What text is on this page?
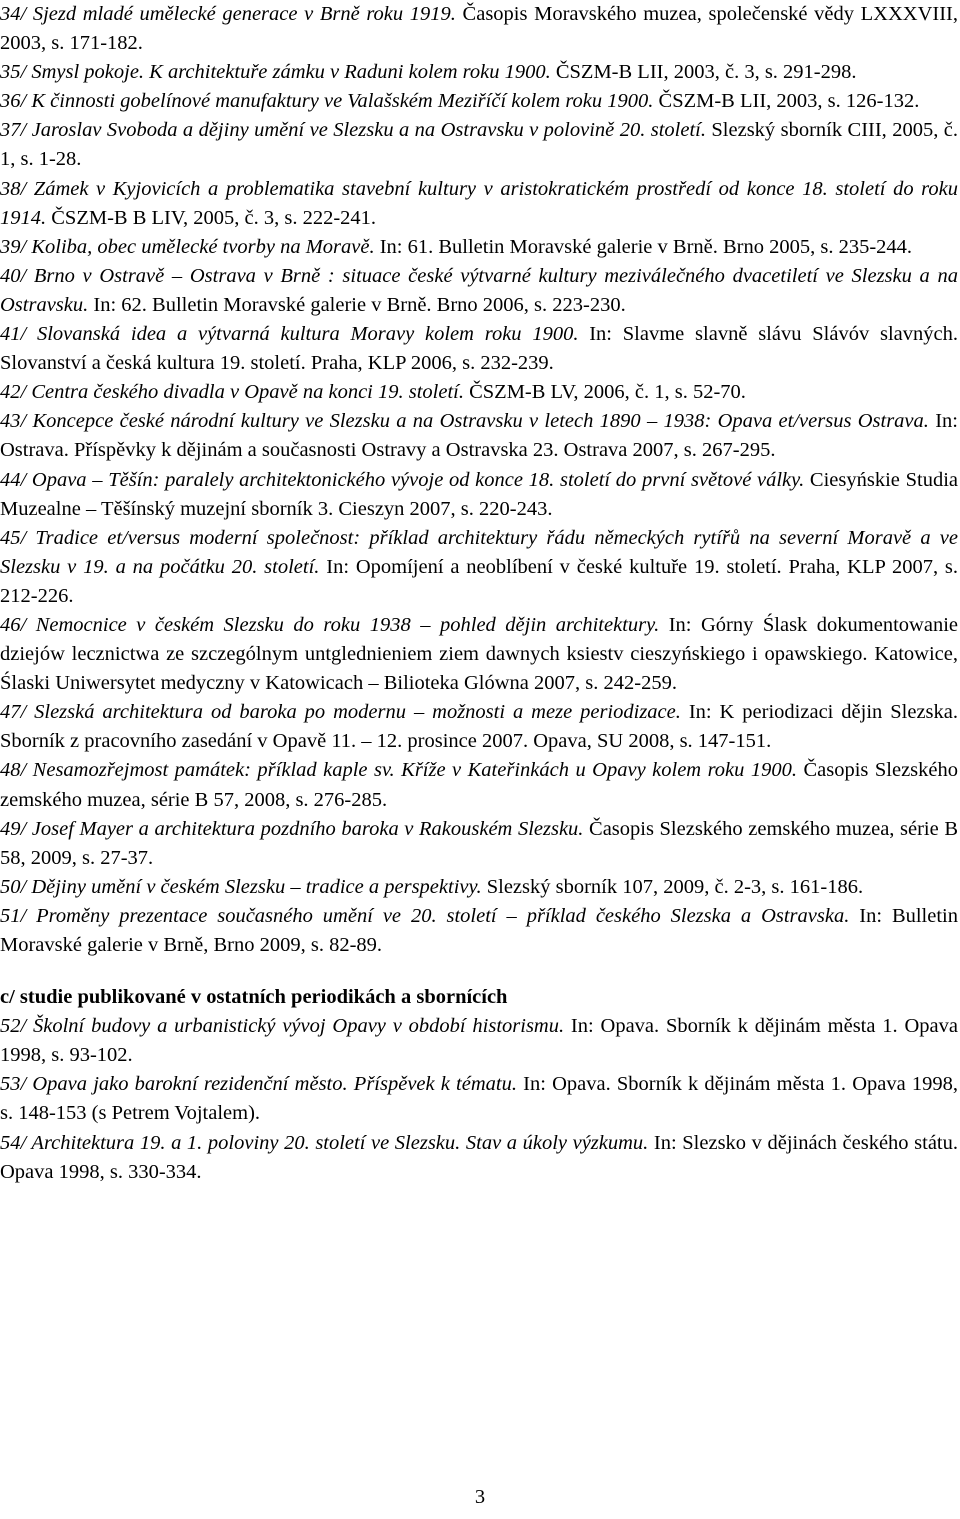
34/ Sjezd mladé umělecké generace v Brně roku 1919. Časopis Moravského muzea, společenské vědy LXXXVIII, 2003, s. 171-182.

35/ Smysl pokoje. K architektuře zámku v Raduni kolem roku 1900. ČSZM-B LII, 2003, č. 3, s. 291-298.

36/ K činnosti gobelínové manufaktury ve Valašském Meziříčí kolem roku 1900. ČSZM-B LII, 2003, s. 126-132.

37/ Jaroslav Svoboda a dějiny umění ve Slezsku a na Ostravsku v polovině 20. století. Slezský sborník CIII, 2005, č. 1, s. 1-28.

38/ Zámek v Kyjovicích a problematika stavební kultury v aristokratickém prostředí od konce 18. století do roku 1914. ČSZM-B B LIV, 2005, č. 3, s. 222-241.

39/ Koliba, obec umělecké tvorby na Moravě. In: 61. Bulletin Moravské galerie v Brně. Brno 2005, s. 235-244.

40/ Brno v Ostravě – Ostrava v Brně : situace české výtvarné kultury meziválečného dvacetiletí ve Slezsku a na Ostravsku. In: 62. Bulletin Moravské galerie v Brně. Brno 2006, s. 223-230.

41/ Slovanská idea a výtvarná kultura Moravy kolem roku 1900. In: Slavme slavně slávu Slávóv slavných. Slovanství a česká kultura 19. století. Praha, KLP 2006, s. 232-239.

42/ Centra českého divadla v Opavě na konci 19. století. ČSZM-B LV, 2006, č. 1, s. 52-70.

43/ Koncepce české národní kultury ve Slezsku a na Ostravsku v letech 1890 – 1938: Opava et/versus Ostrava. In: Ostrava. Příspěvky k dějinám a současnosti Ostravy a Ostravska 23. Ostrava 2007, s. 267-295.

44/ Opava – Těšín: paralely architektonického vývoje od konce 18. století do první světové války. Ciesyńskie Studia Muzealne – Těšínský muzejní sborník 3. Cieszyn 2007, s. 220-243.

45/ Tradice et/versus moderní společnost: příklad architektury řádu německých rytířů na severní Moravě a ve Slezsku v 19. a na počátku 20. století. In: Opomíjení a neoblíbení v české kultuře 19. století. Praha, KLP 2007, s. 212-226.

46/ Nemocnice v českém Slezsku do roku 1938 – pohled dějin architektury. In: Górny Ślask dokumentowanie dziejów lecznictwa ze szczególnym untglednieniem ziem dawnych ksiestv cieszyńskiego i opawskiego. Katowice, Ślaski Uniwersytet medyczny v Katowicach – Bilioteka Glówna 2007, s. 242-259.

47/ Slezská architektura od baroka po modernu – možnosti a meze periodizace. In: K periodizaci dějin Slezska. Sborník z pracovního zasedání v Opavě 11. – 12. prosince 2007. Opava, SU 2008, s. 147-151.

48/ Nesamozřejmost památek: příklad kaple sv. Kříže v Kateřinkách u Opavy kolem roku 1900. Časopis Slezského zemského muzea, série B 57, 2008, s. 276-285.

49/ Josef Mayer a architektura pozdního baroka v Rakouském Slezsku. Časopis Slezského zemského muzea, série B 58, 2009, s. 27-37.

50/ Dějiny umění v českém Slezsku – tradice a perspektivy. Slezský sborník 107, 2009, č. 2-3, s. 161-186.

51/ Proměny prezentace současného umění ve 20. století – příklad českého Slezska a Ostravska. In: Bulletin Moravské galerie v Brně, Brno 2009, s. 82-89.

c/ studie publikované v ostatních periodikách a sbornících

52/ Školní budovy a urbanistický vývoj Opavy v období historismu. In: Opava. Sborník k dějinám města 1. Opava 1998, s. 93-102.

53/ Opava jako barokní rezidenční město. Příspěvek k tématu. In: Opava. Sborník k dějinám města 1. Opava 1998, s. 148-153 (s Petrem Vojtalem).

54/ Architektura 19. a 1. poloviny 20. století ve Slezsku. Stav a úkoly výzkumu. In: Slezsko v dějinách českého státu. Opava 1998, s. 330-334.

3
